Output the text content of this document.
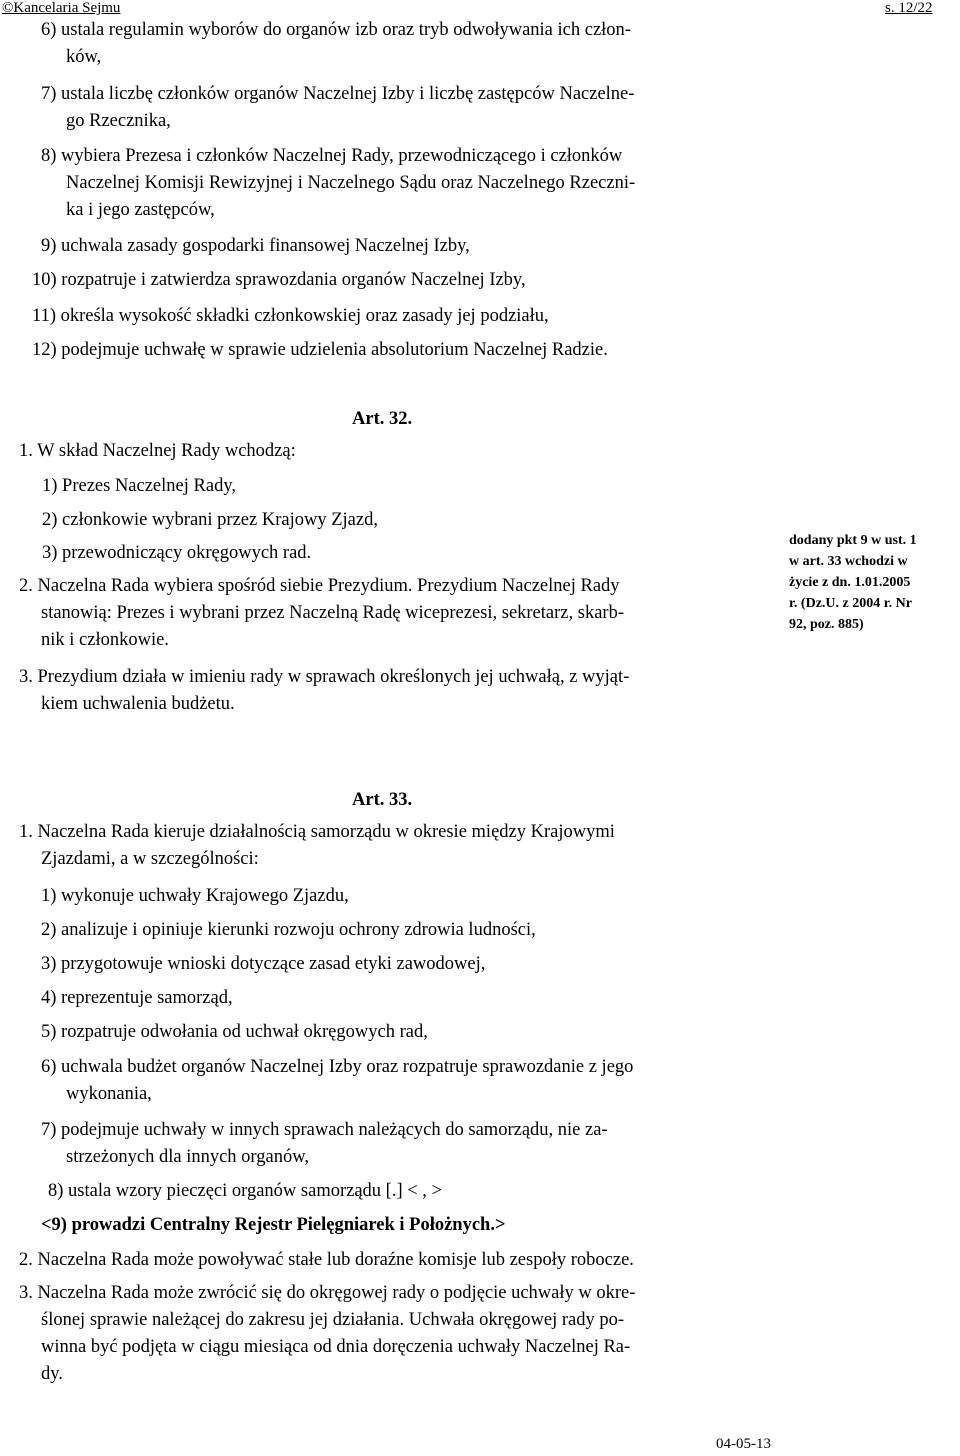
©Kancelaria Sejmu	s. 12/22
6) ustala regulamin wyborów do organów izb oraz tryb odwoływania ich człon-
ków,
7) ustala liczbę członków organów Naczelnej Izby i liczbę zastępców Naczelne-
go Rzecznika,
8) wybiera Prezesa i członków Naczelnej Rady, przewodniczącego i członków
Naczelnej Komisji Rewizyjnej i Naczelnego Sądu oraz Naczelnego Rzeczni-
ka i jego zastępców,
9) uchwala zasady gospodarki finansowej Naczelnej Izby,
10) rozpatruje i zatwierdza sprawozdania organów Naczelnej Izby,
11) określa wysokość składki członkowskiej oraz zasady jej podziału,
12) podejmuje uchwałę w sprawie udzielenia absolutorium Naczelnej Radzie.
Art. 32.
1. W skład Naczelnej Rady wchodzą:
1) Prezes Naczelnej Rady,
2) członkowie wybrani przez Krajowy Zjazd,
3) przewodniczący okręgowych rad.
2. Naczelna Rada wybiera spośród siebie Prezydium. Prezydium Naczelnej Rady
stanowią: Prezes i wybrani przez Naczelną Radę wiceprezesi, sekretarz, skarb-
nik i członkowie.
3. Prezydium działa w imieniu rady w sprawach określonych jej uchwałą, z wyjąt-
kiem uchwalenia budżetu.
dodany pkt 9 w ust. 1
w art. 33 wchodzi w
życie z dn. 1.01.2005
r. (Dz.U. z 2004 r. Nr
92, poz. 885)
Art. 33.
1. Naczelna Rada kieruje działalnością samorządu w okresie między Krajowymi
Zjazdami, a w szczególności:
1) wykonuje uchwały Krajowego Zjazdu,
2) analizuje i opiniuje kierunki rozwoju ochrony zdrowia ludności,
3) przygotowuje wnioski dotyczące zasad etyki zawodowej,
4) reprezentuje samorząd,
5) rozpatruje odwołania od uchwał okręgowych rad,
6) uchwala budżet organów Naczelnej Izby oraz rozpatruje sprawozdanie z jego
wykonania,
7) podejmuje uchwały w innych sprawach należących do samorządu, nie za-
strzeżonych dla innych organów,
8) ustala wzory pieczęci organów samorządu [.] < , >
<9) prowadzi Centralny Rejestr Pielęgniarek i Położnych.>
2. Naczelna Rada może powoływać stałe lub doraźne komisje lub zespoły robocze.
3. Naczelna Rada może zwrócić się do okręgowej rady o podjęcie uchwały w okre-
ślonej sprawie należącej do zakresu jej działania. Uchwała okręgowej rady po-
winna być podjęta w ciągu miesiąca od dnia doręczenia uchwały Naczelnej Ra-
dy.
04-05-13
